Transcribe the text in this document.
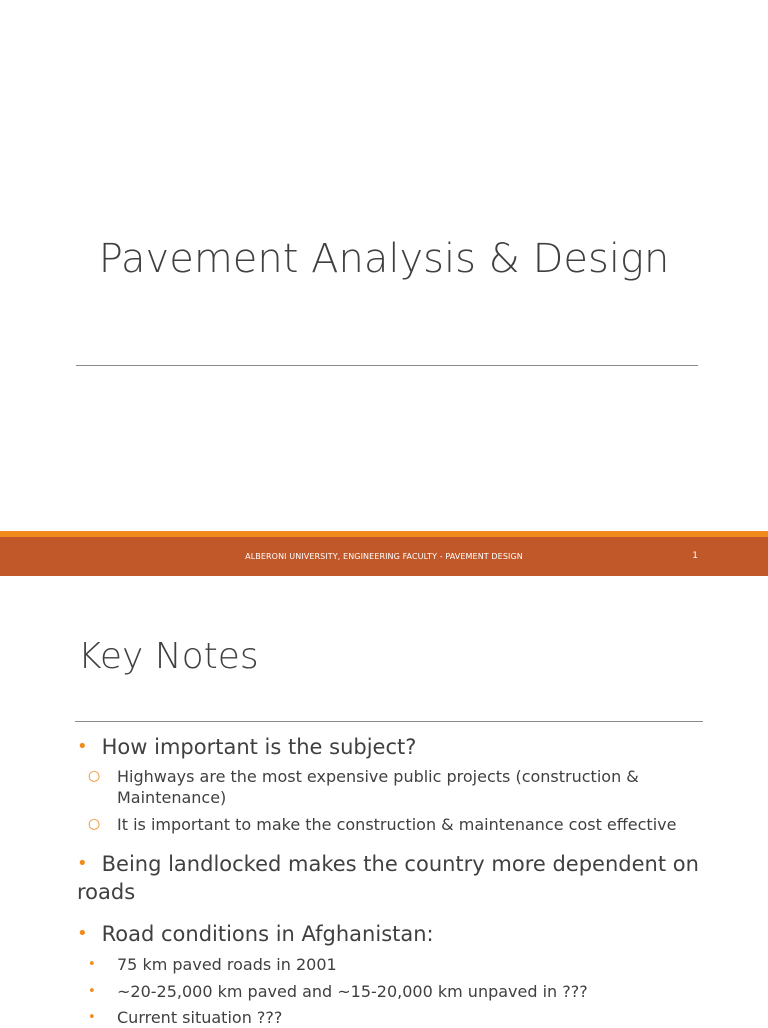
Pavement Analysis & Design
ALBERONI UNIVERSITY, ENGINEERING FACULTY - PAVEMENT DESIGN	1
Key Notes
• How important is the subject?
○ Highways are the most expensive public projects (construction & Maintenance)
○ It is important to make the construction & maintenance cost effective
• Being landlocked makes the country more dependent on roads
• Road conditions in Afghanistan:
• 75 km paved roads in 2001
• ~20-25,000 km paved and ~15-20,000 km unpaved in ???
• Current situation ???
